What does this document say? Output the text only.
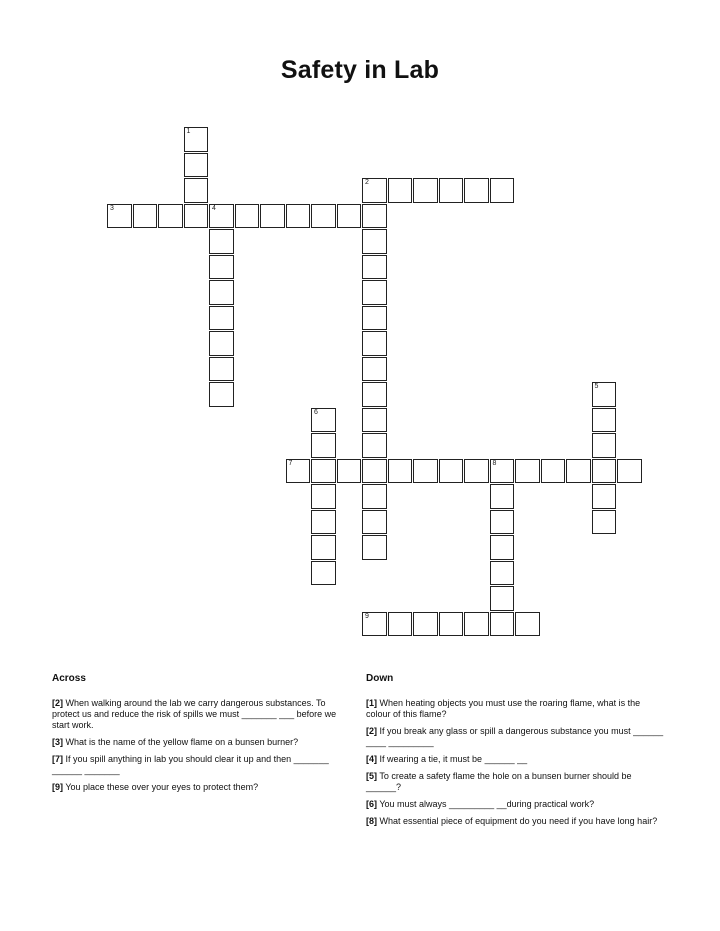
Safety in Lab
1
2
3	4
5
6
7	8
9
Across
[2] When walking around the lab we carry dangerous substances. To protect us and reduce the risk of spills we must _______ ___ before we start work.
[3] What is the name of the yellow flame on a bunsen burner?
[7] If you spill anything in lab you should clear it up and then _______ ______ _______
[9] You place these over your eyes to protect them?
Down
[1] When heating objects you must use the roaring flame, what is the colour of this flame?
[2] If you break any glass or spill a dangerous substance you must ______ ____ _________
[4] If wearing a tie, it must be ______ __
[5] To create a safety flame the hole on a bunsen burner should be ______?
[6] You must always _________ __during practical work?
[8] What essential piece of equipment do you need if you have long hair?
